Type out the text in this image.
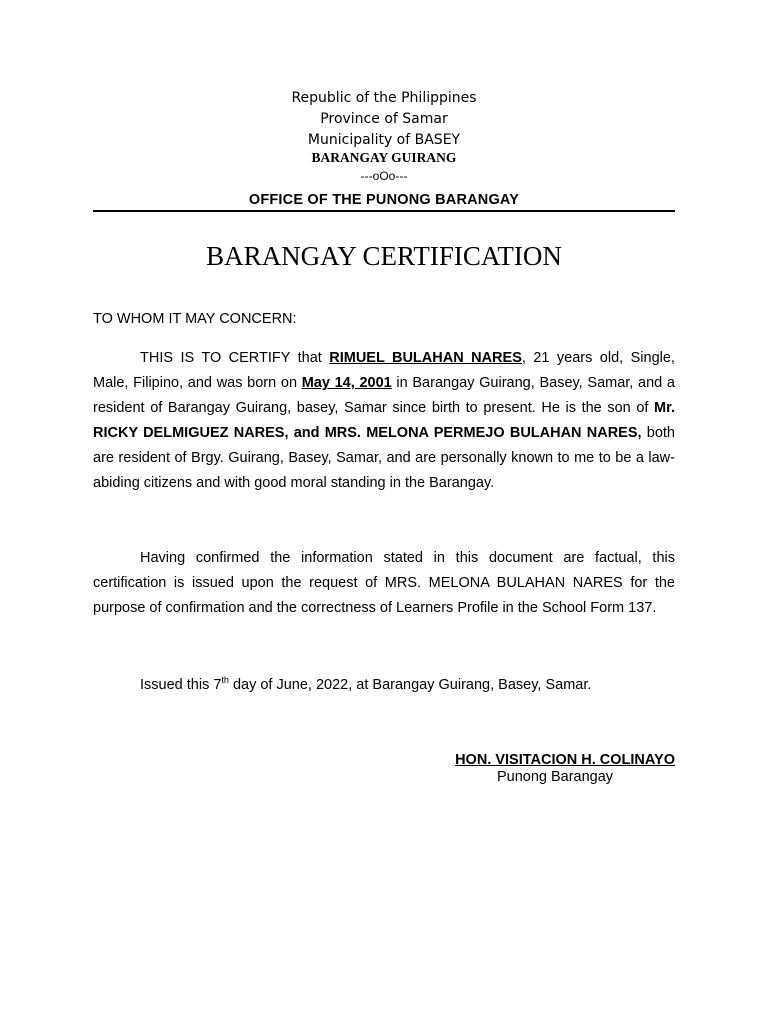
Republic of the Philippines
Province of Samar
Municipality of BASEY
BARANGAY GUIRANG
---oOo---
OFFICE OF THE PUNONG BARANGAY
BARANGAY CERTIFICATION
TO WHOM IT MAY CONCERN:

THIS IS TO CERTIFY that RIMUEL BULAHAN NARES, 21 years old, Single, Male, Filipino, and was born on May 14, 2001 in Barangay Guirang, Basey, Samar, and a resident of Barangay Guirang, basey, Samar since birth to present. He is the son of Mr. RICKY DELMIGUEZ NARES, and MRS. MELONA PERMEJO BULAHAN NARES, both are resident of Brgy. Guirang, Basey, Samar, and are personally known to me to be a law-abiding citizens and with good moral standing in the Barangay.

Having confirmed the information stated in this document are factual, this certification is issued upon the request of MRS. MELONA BULAHAN NARES for the purpose of confirmation and the correctness of Learners Profile in the School Form 137.

Issued this 7th day of June, 2022, at Barangay Guirang, Basey, Samar.

HON. VISITACION H. COLINAYO
Punong Barangay
